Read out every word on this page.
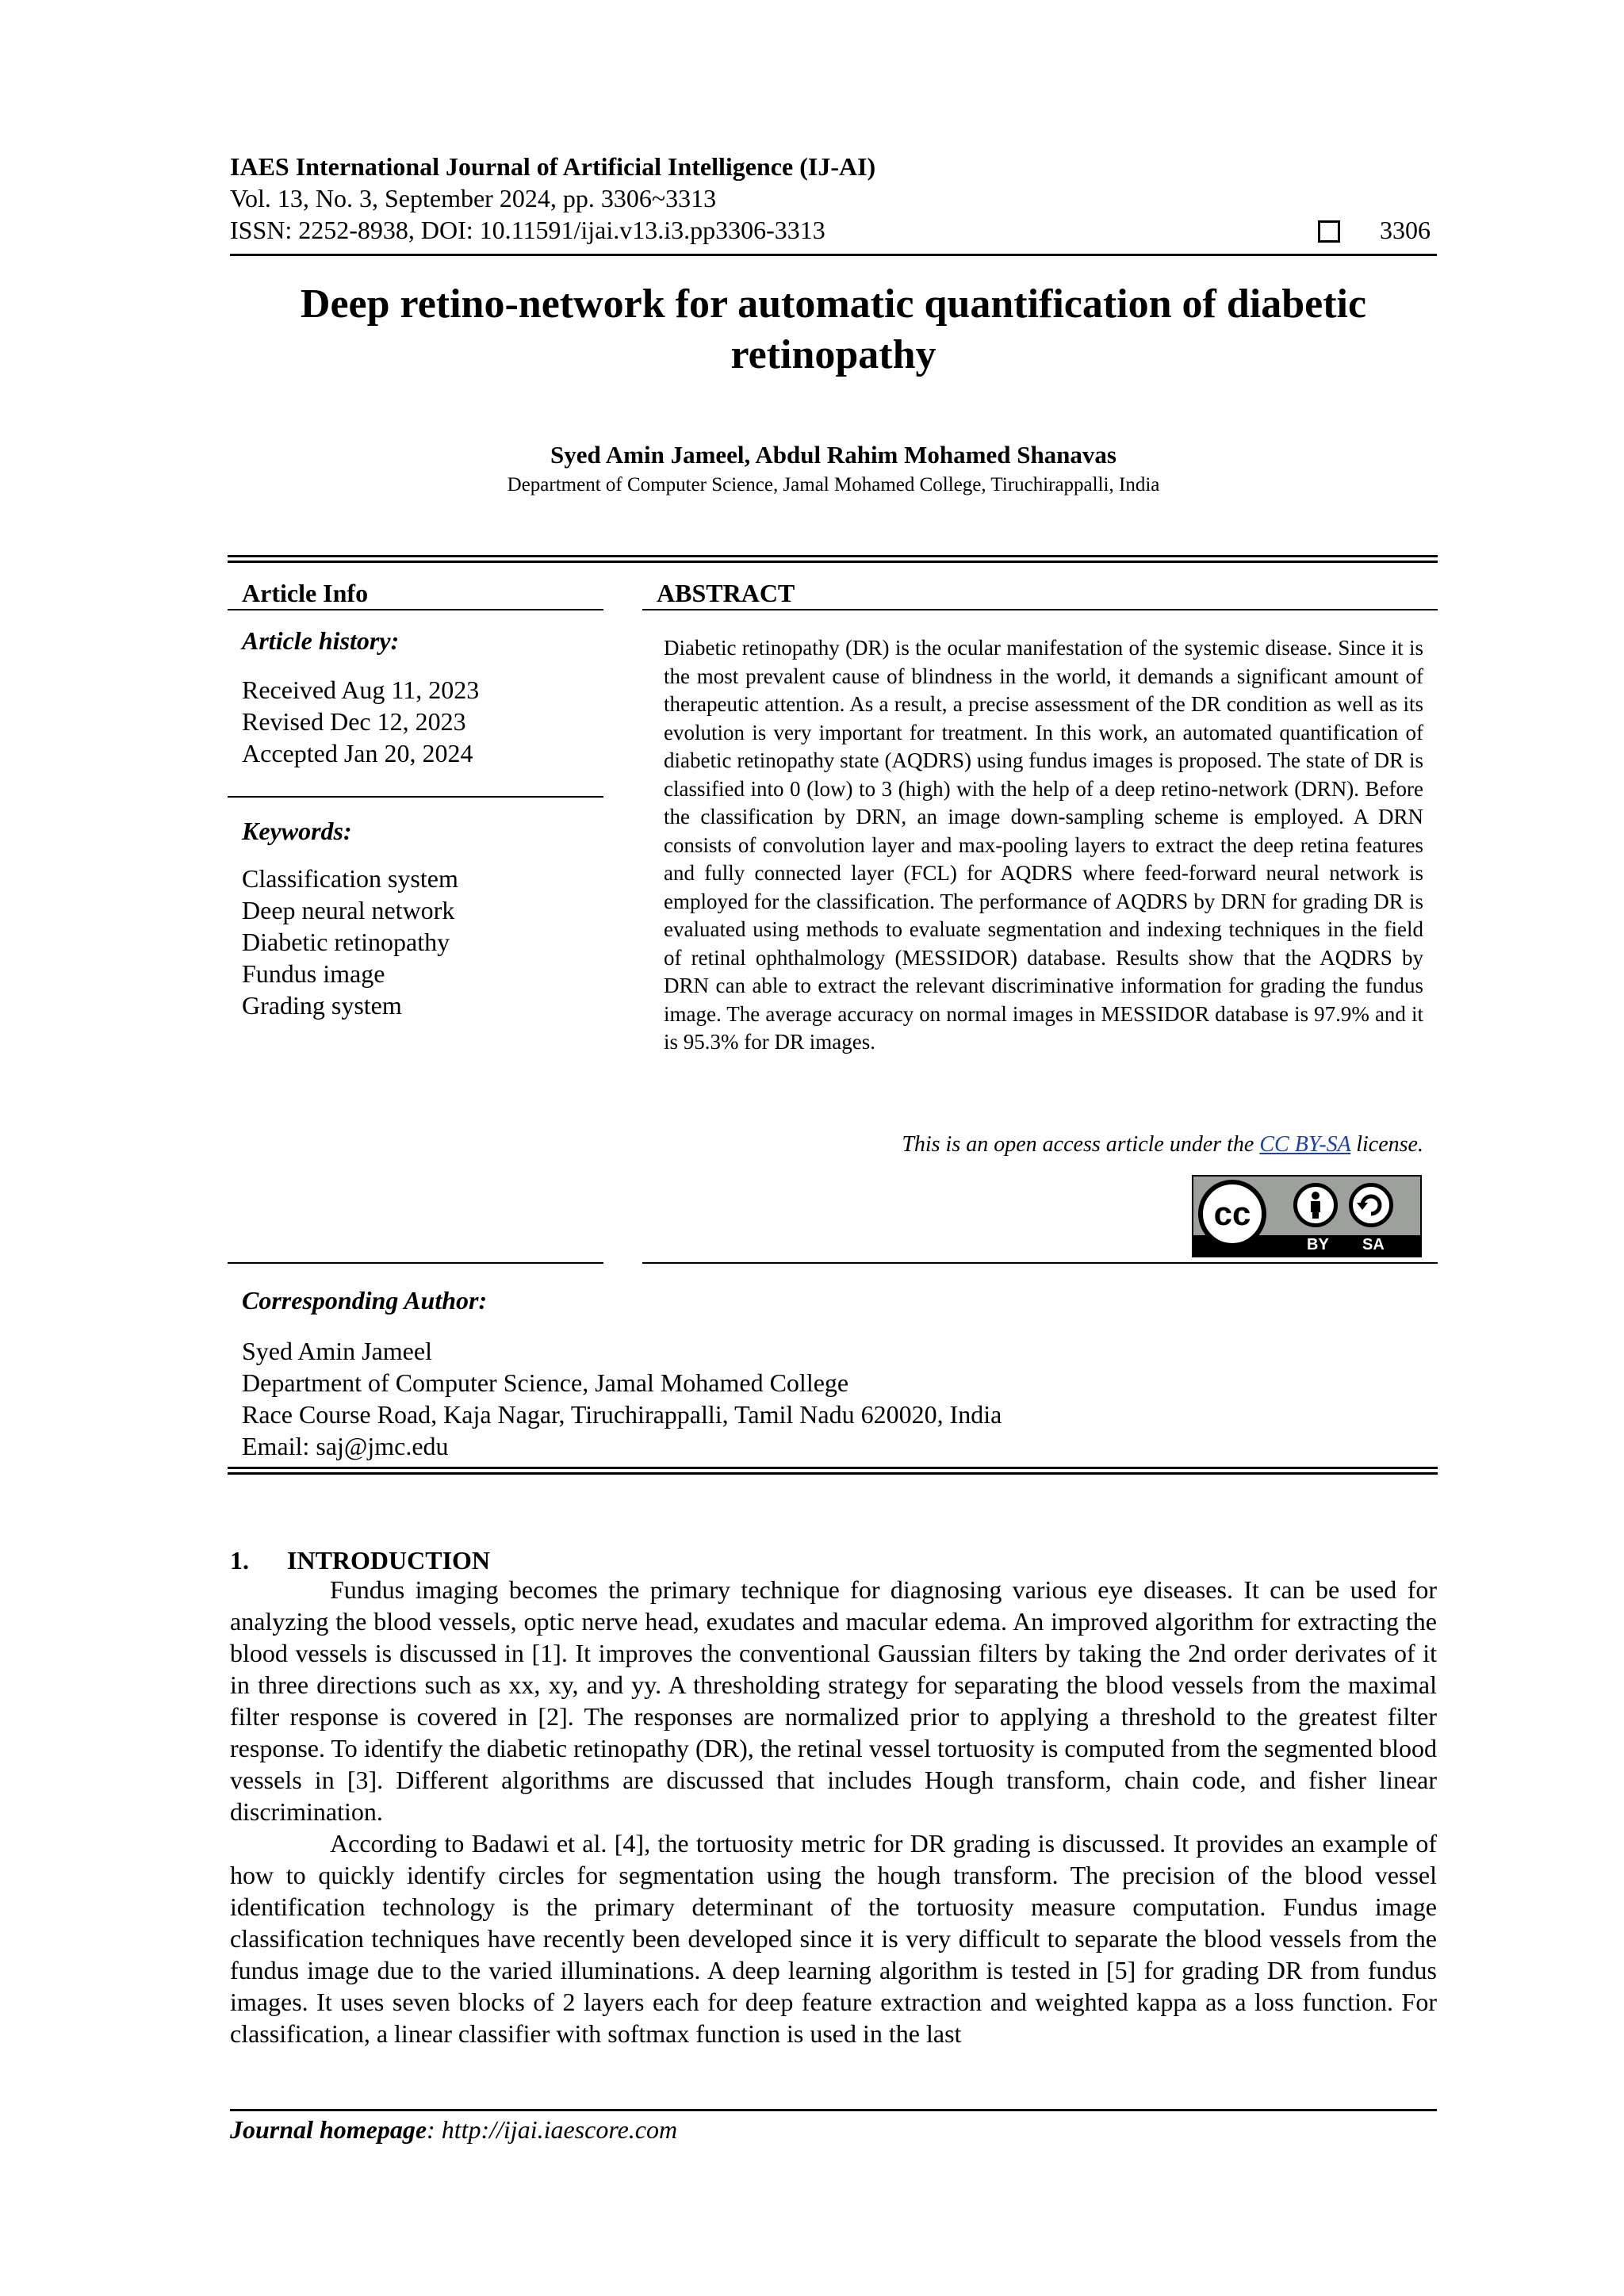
IAES International Journal of Artificial Intelligence (IJ-AI)
Vol. 13, No. 3, September 2024, pp. 3306~3313
ISSN: 2252-8938, DOI: 10.11591/ijai.v13.i3.pp3306-3313	3306
Deep retino-network for automatic quantification of diabetic retinopathy
Syed Amin Jameel, Abdul Rahim Mohamed Shanavas
Department of Computer Science, Jamal Mohamed College, Tiruchirappalli, India
Article Info
Article history:
Received Aug 11, 2023
Revised Dec 12, 2023
Accepted Jan 20, 2024
Keywords:
Classification system
Deep neural network
Diabetic retinopathy
Fundus image
Grading system
ABSTRACT
Diabetic retinopathy (DR) is the ocular manifestation of the systemic disease. Since it is the most prevalent cause of blindness in the world, it demands a significant amount of therapeutic attention. As a result, a precise assessment of the DR condition as well as its evolution is very important for treatment. In this work, an automated quantification of diabetic retinopathy state (AQDRS) using fundus images is proposed. The state of DR is classified into 0 (low) to 3 (high) with the help of a deep retino-network (DRN). Before the classification by DRN, an image down-sampling scheme is employed. A DRN consists of convolution layer and max-pooling layers to extract the deep retina features and fully connected layer (FCL) for AQDRS where feed-forward neural network is employed for the classification. The performance of AQDRS by DRN for grading DR is evaluated using methods to evaluate segmentation and indexing techniques in the field of retinal ophthalmology (MESSIDOR) database. Results show that the AQDRS by DRN can able to extract the relevant discriminative information for grading the fundus image. The average accuracy on normal images in MESSIDOR database is 97.9% and it is 95.3% for DR images.
This is an open access article under the CC BY-SA license.
cc
BY SA
Corresponding Author:
Syed Amin Jameel
Department of Computer Science, Jamal Mohamed College
Race Course Road, Kaja Nagar, Tiruchirappalli, Tamil Nadu 620020, India
Email: saj@jmc.edu
1.      INTRODUCTION

Fundus imaging becomes the primary technique for diagnosing various eye diseases. It can be used for analyzing the blood vessels, optic nerve head, exudates and macular edema. An improved algorithm for extracting the blood vessels is discussed in [1]. It improves the conventional Gaussian filters by taking the 2nd order derivates of it in three directions such as xx, xy, and yy. A thresholding strategy for separating the blood vessels from the maximal filter response is covered in [2]. The responses are normalized prior to applying a threshold to the greatest filter response. To identify the diabetic retinopathy (DR), the retinal vessel tortuosity is computed from the segmented blood vessels in [3]. Different algorithms are discussed that includes Hough transform, chain code, and fisher linear discrimination.

According to Badawi et al. [4], the tortuosity metric for DR grading is discussed. It provides an example of how to quickly identify circles for segmentation using the hough transform. The precision of the blood vessel identification technology is the primary determinant of the tortuosity measure computation. Fundus image classification techniques have recently been developed since it is very difficult to separate the blood vessels from the fundus image due to the varied illuminations. A deep learning algorithm is tested in [5] for grading DR from fundus images. It uses seven blocks of 2 layers each for deep feature extraction and weighted kappa as a loss function. For classification, a linear classifier with softmax function is used in the last

Journal homepage: http://ijai.iaescore.com
